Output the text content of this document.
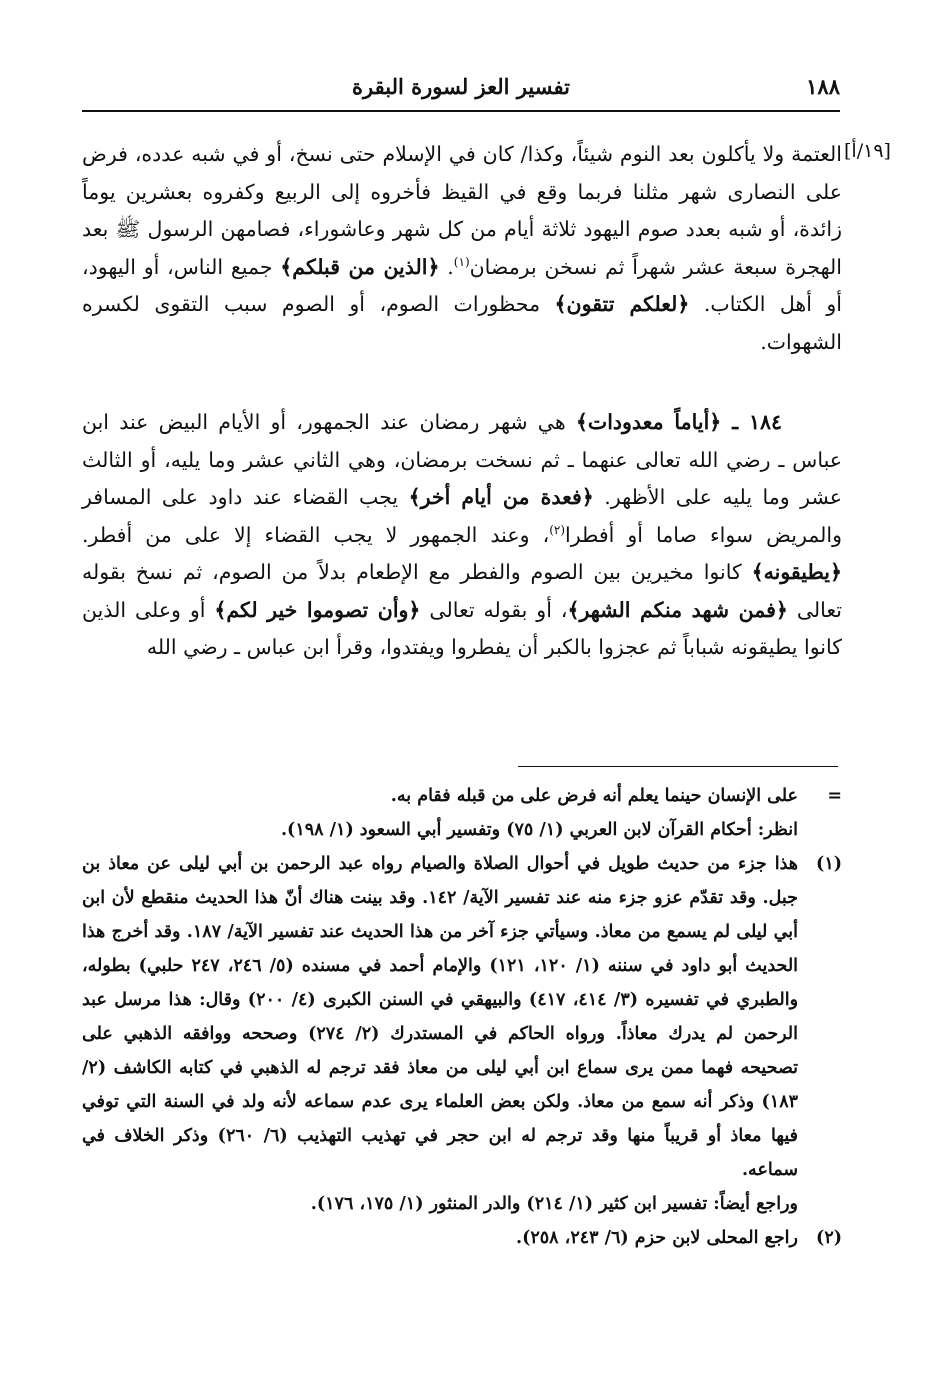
١٨٨
تفسير العز لسورة البقرة
[١٩/أ]
العتمة ولا يأكلون بعد النوم شيئاً، وكذا/ كان في الإسلام حتى نسخ، أو في شبه عدده، فرض على النصارى شهر مثلنا فربما وقع في القيظ فأخروه إلى الربيع وكفروه بعشرين يوماً زائدة، أو شبه بعدد صوم اليهود ثلاثة أيام من كل شهر وعاشوراء، فصامهن الرسول ﷺ بعد الهجرة سبعة عشر شهراً ثم نسخن برمضان$^{(١)}$. ﴿الذين من قبلكم﴾ جميع الناس، أو اليهود، أو أهل الكتاب. ﴿لعلكم تتقون﴾ محظورات الصوم، أو الصوم سبب التقوى لكسره الشهوات.
١٨٤ ـ ﴿أياماً معدودات﴾ هي شهر رمضان عند الجمهور، أو الأيام البيض عند ابن عباس ـ رضي الله تعالى عنهما ـ ثم نسخت برمضان، وهي الثاني عشر وما يليه، أو الثالث عشر وما يليه على الأظهر. ﴿فعدة من أيام أخر﴾ يجب القضاء عند داود على المسافر والمريض سواء صاما أو أفطرا$^{(٢)}$، وعند الجمهور لا يجب القضاء إلا على من أفطر. ﴿يطيقونه﴾ كانوا مخيرين بين الصوم والفطر مع الإطعام بدلاً من الصوم، ثم نسخ بقوله تعالى ﴿فمن شهد منكم الشهر﴾، أو بقوله تعالى ﴿وأن تصوموا خير لكم﴾ أو وعلى الذين كانوا يطيقونه شباباً ثم عجزوا بالكبر أن يفطروا ويفتدوا، وقرأ ابن عباس ـ رضي الله
=
على الإنسان حينما يعلم أنه فرض على من قبله فقام به.
انظر: أحكام القرآن لابن العربي (١/ ٧٥) وتفسير أبي السعود (١/ ١٩٨).
(١)
هذا جزء من حديث طويل في أحوال الصلاة والصيام رواه عبد الرحمن بن أبي ليلى عن معاذ بن جبل. وقد تقدّم عزو جزء منه عند تفسير الآية/ ١٤٢. وقد بينت هناك أنّ هذا الحديث منقطع لأن ابن أبي ليلى لم يسمع من معاذ. وسيأتي جزء آخر من هذا الحديث عند تفسير الآية/ ١٨٧. وقد أخرج هذا الحديث أبو داود في سننه (١/ ١٢٠، ١٢١) والإمام أحمد في مسنده (٥/ ٢٤٦، ٢٤٧ حلبي) بطوله، والطبري في تفسيره (٣/ ٤١٤، ٤١٧) والبيهقي في السنن الكبرى (٤/ ٢٠٠) وقال: هذا مرسل عبد الرحمن لم يدرك معاذاً. ورواه الحاكم في المستدرك (٢/ ٢٧٤) وصححه ووافقه الذهبي على تصحيحه فهما ممن يرى سماع ابن أبي ليلى من معاذ فقد ترجم له الذهبي في كتابه الكاشف (٢/ ١٨٣) وذكر أنه سمع من معاذ. ولكن بعض العلماء يرى عدم سماعه لأنه ولد في السنة التي توفي فيها معاذ أو قريباً منها وقد ترجم له ابن حجر في تهذيب التهذيب (٦/ ٢٦٠) وذكر الخلاف في سماعه.
وراجع أيضاً: تفسير ابن كثير (١/ ٢١٤) والدر المنثور (١/ ١٧٥، ١٧٦).
(٢)
راجع المحلى لابن حزم (٦/ ٢٤٣، ٢٥٨).
